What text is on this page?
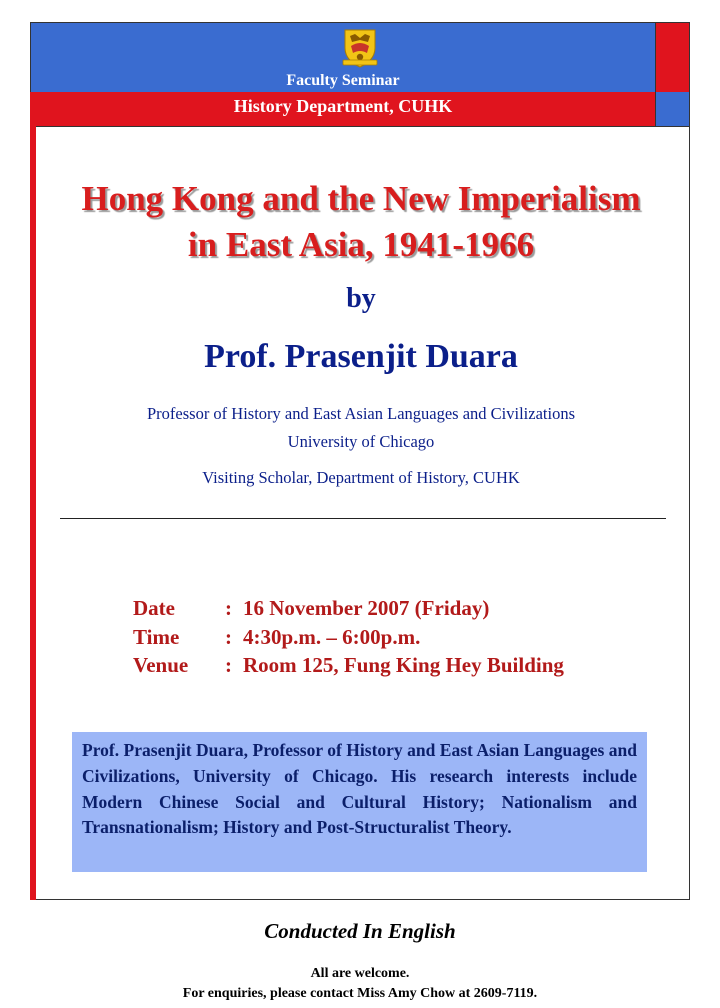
Faculty Seminar
History Department, CUHK
Hong Kong and the New Imperialism
in East Asia, 1941-1966
by
Prof. Prasenjit Duara
Professor of History and East Asian Languages and Civilizations
University of Chicago
Visiting Scholar, Department of History, CUHK
Date : 16 November 2007 (Friday)
Time : 4:30p.m. – 6:00p.m.
Venue : Room 125, Fung King Hey Building
Prof. Prasenjit Duara, Professor of History and East Asian Languages and Civilizations, University of Chicago. His research interests include Modern Chinese Social and Cultural History; Nationalism and Transnationalism; History and Post-Structuralist Theory.
Conducted In English
All are welcome.
For enquiries, please contact Miss Amy Chow at 2609-7119.
